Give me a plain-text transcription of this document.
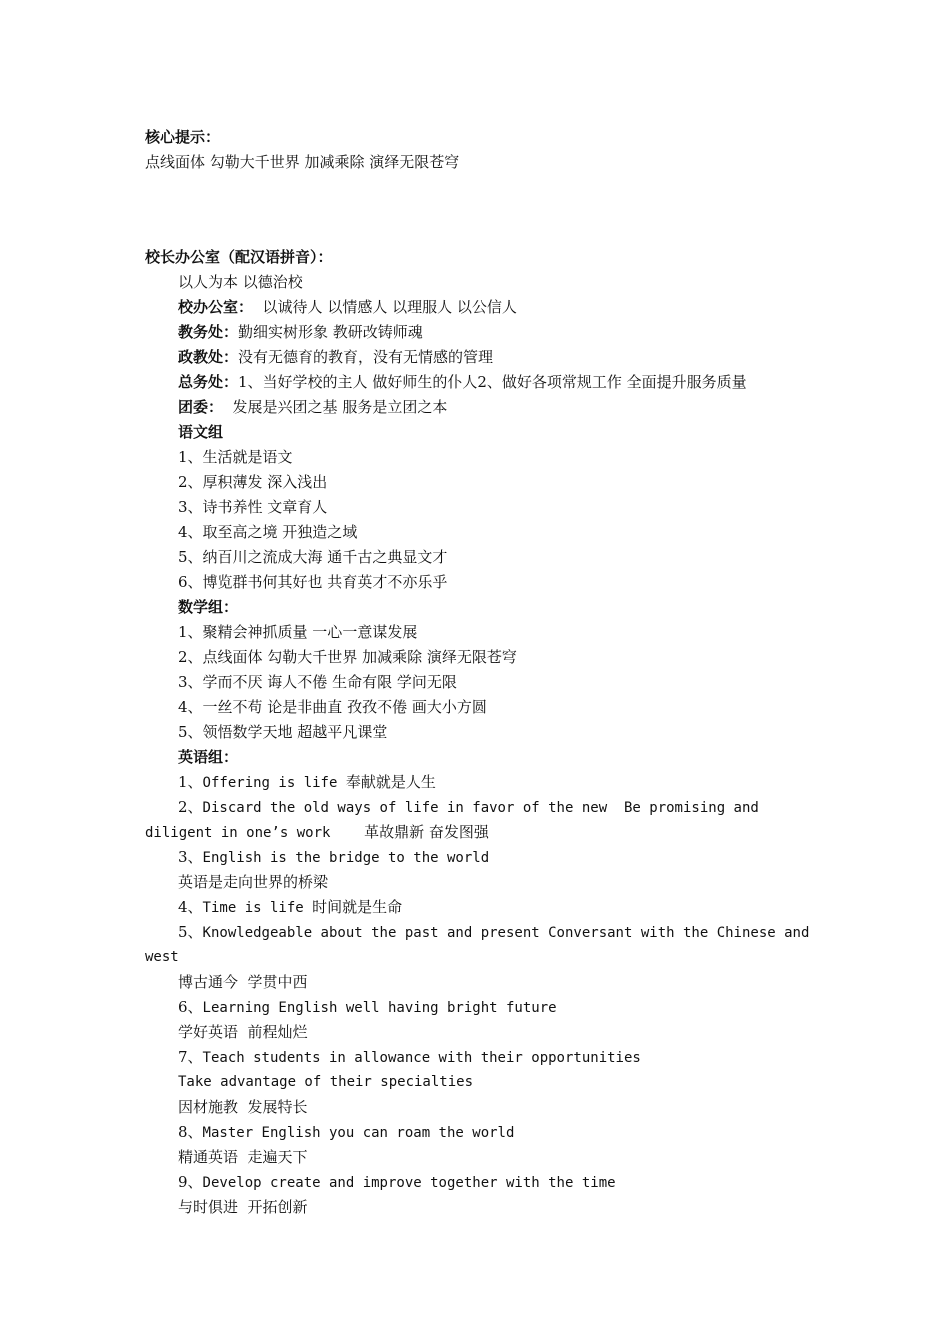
核心提示：
点线面体 勾勒大千世界 加减乘除 演绎无限苍穹
校长办公室（配汉语拼音）：
以人为本 以德治校
校办公室：  以诚待人 以情感人 以理服人 以公信人
教务处：勤细实树形象 教研改铸师魂
政教处：没有无德育的教育，没有无情感的管理
总务处：1、当好学校的主人 做好师生的仆人2、做好各项常规工作 全面提升服务质量
团委：  发展是兴团之基 服务是立团之本
语文组
1、生活就是语文
2、厚积薄发 深入浅出
3、诗书养性 文章育人
4、取至高之境 开独造之域
5、纳百川之流成大海 通千古之典显文才
6、博览群书何其好也 共育英才不亦乐乎
数学组：
1、聚精会神抓质量 一心一意谋发展
2、点线面体 勾勒大千世界 加减乘除 演绎无限苍穹
3、学而不厌 诲人不倦 生命有限 学问无限
4、一丝不苟 论是非曲直 孜孜不倦 画大小方圆
5、领悟数学天地 超越平凡课堂
英语组：
1、Offering is life 奉献就是人生
2、Discard the old ways of life in favor of the new  Be promising and
diligent in one’s work    革故鼎新 奋发图强
3、English is the bridge to the world
英语是走向世界的桥梁
4、Time is life 时间就是生命
5、Knowledgeable about the past and present Conversant with the Chinese and
west
博古通今  学贯中西
6、Learning English well having bright future
学好英语  前程灿烂
7、Teach students in allowance with their opportunities
Take advantage of their specialties
因材施教  发展特长
8、Master English you can roam the world
精通英语  走遍天下
9、Develop create and improve together with the time
与时俱进  开拓创新
